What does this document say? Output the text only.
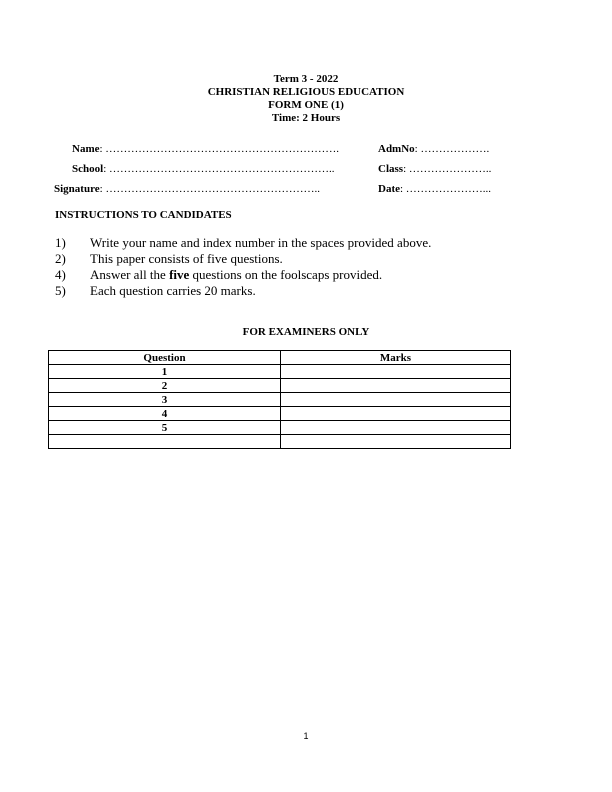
Term 3 - 2022
CHRISTIAN RELIGIOUS EDUCATION
FORM ONE (1)
Time: 2 Hours
Name: ……………………………………………………….	AdmNo: ……………….
School: ……………………………………………………..	Class: …………………..
Signature: …………………………………………………..	Date: …………………...
INSTRUCTIONS TO CANDIDATES
1) Write your name and index number in the spaces provided above.
2) This paper consists of five questions.
4) Answer all the five questions on the foolscaps provided.
5) Each question carries 20 marks.
FOR EXAMINERS ONLY
Question	Marks
1	
2	
3	
4	
5	

1
